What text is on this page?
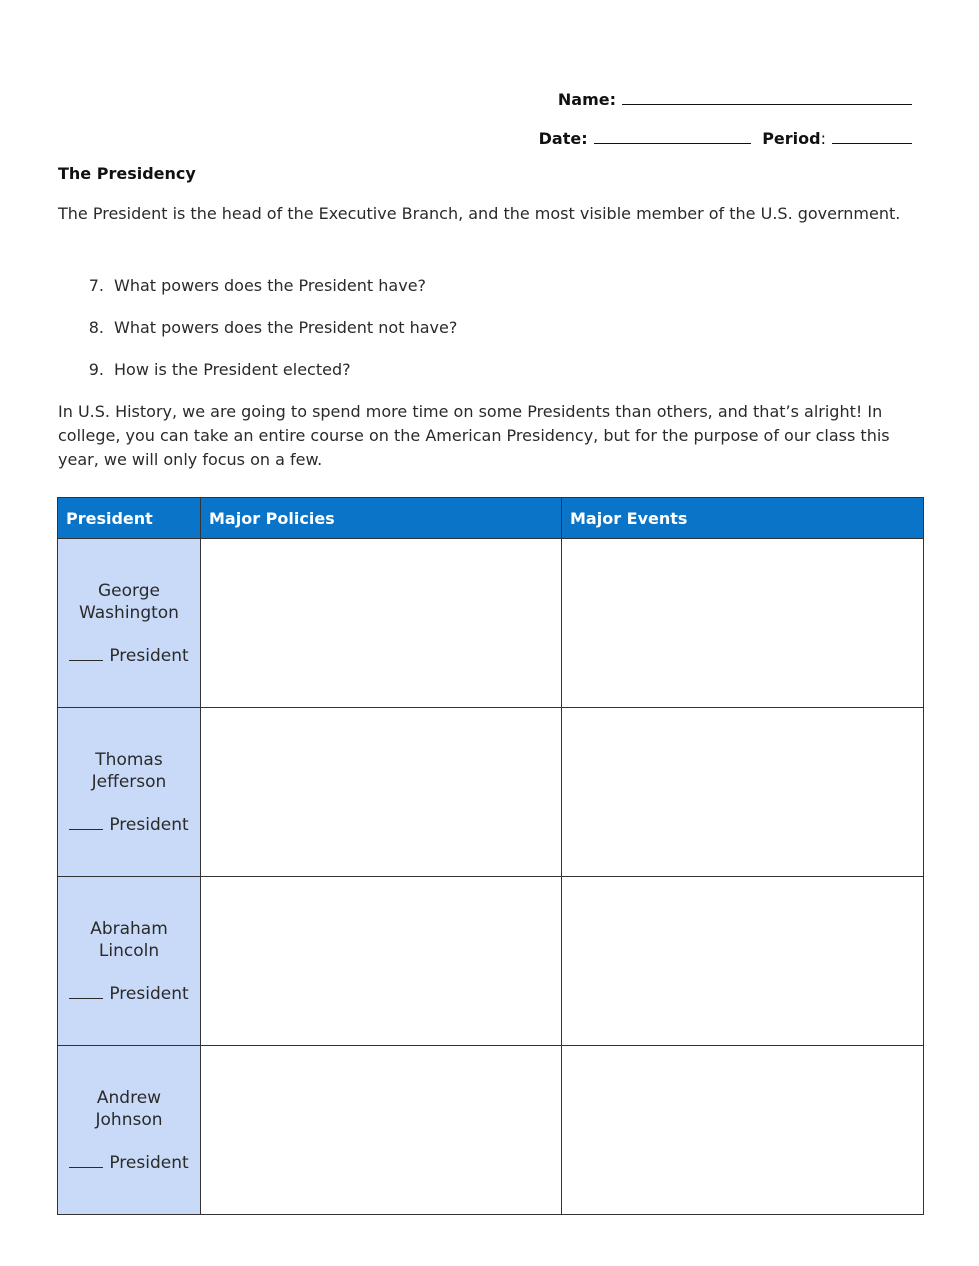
Name:
Date:	Period:
The Presidency
The President is the head of the Executive Branch, and the most visible member of the U.S. government.
7. What powers does the President have?
8. What powers does the President not have?
9. How is the President elected?
In U.S. History, we are going to spend more time on some Presidents than others, and that’s alright! In college, you can take an entire course on the American Presidency, but for the purpose of our class this year, we will only focus on a few.
President	Major Policies	Major Events

George Washington
President		

Thomas Jefferson
President		

Abraham Lincoln
President		

Andrew Johnson
President		
